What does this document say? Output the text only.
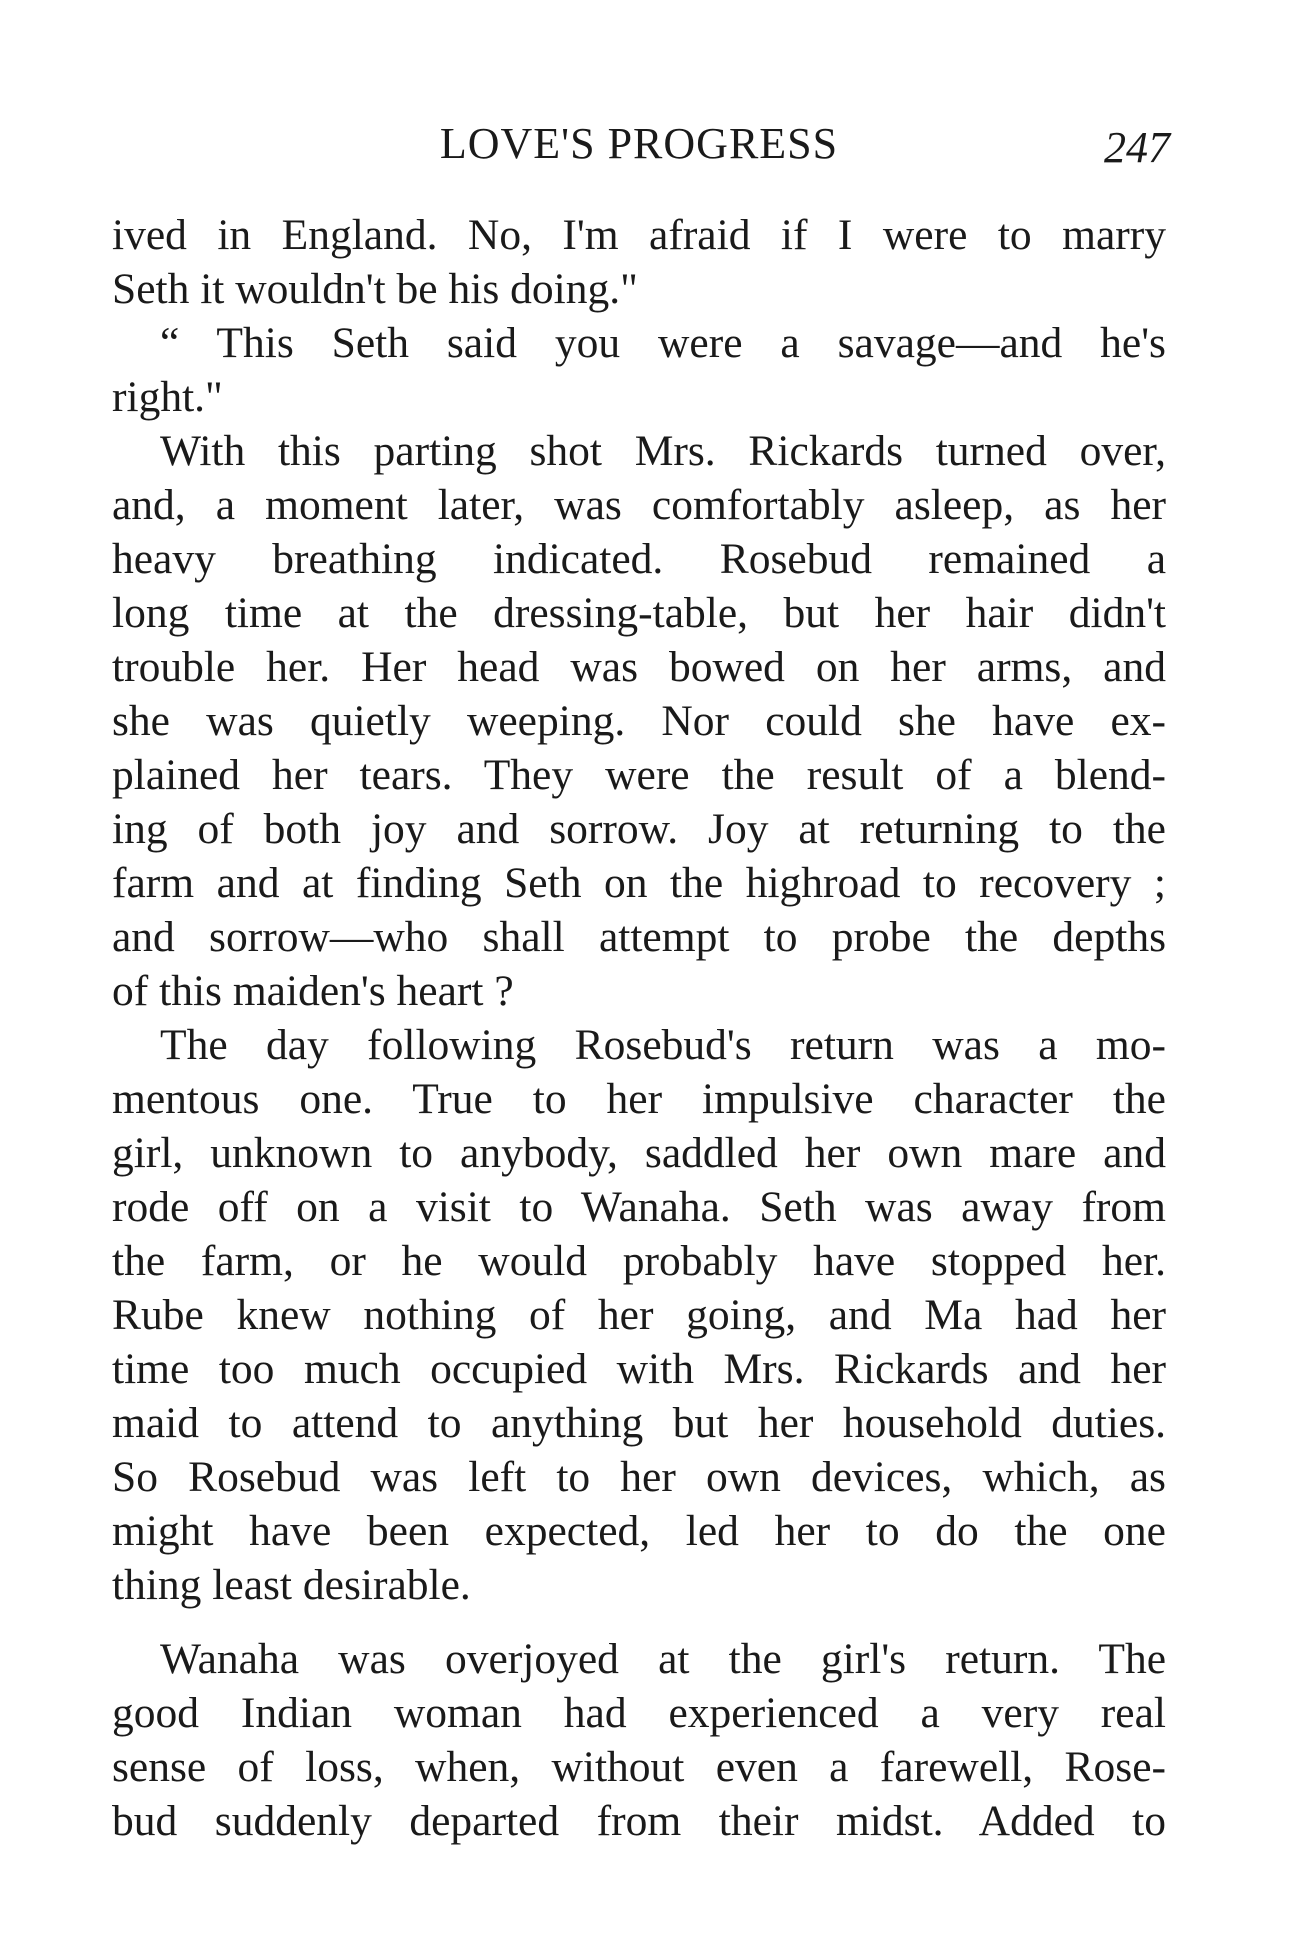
LOVE'S PROGRESS	247
ived in England. No, I'm afraid if I were to marry
Seth it wouldn't be his doing."
“ This Seth said you were a savage—and he's
right."
With this parting shot Mrs. Rickards turned over,
and, a moment later, was comfortably asleep, as her
heavy breathing indicated. Rosebud remained a
long time at the dressing-table, but her hair didn't
trouble her. Her head was bowed on her arms, and
she was quietly weeping. Nor could she have ex-
plained her tears. They were the result of a blend-
ing of both joy and sorrow. Joy at returning to the
farm and at finding Seth on the highroad to recovery ;
and sorrow—who shall attempt to probe the depths
of this maiden's heart ?
The day following Rosebud's return was a mo-
mentous one. True to her impulsive character the
girl, unknown to anybody, saddled her own mare and
rode off on a visit to Wanaha. Seth was away from
the farm, or he would probably have stopped her.
Rube knew nothing of her going, and Ma had her
time too much occupied with Mrs. Rickards and her
maid to attend to anything but her household duties.
So Rosebud was left to her own devices, which, as
might have been expected, led her to do the one
thing least desirable.
Wanaha was overjoyed at the girl's return. The
good Indian woman had experienced a very real
sense of loss, when, without even a farewell, Rose-
bud suddenly departed from their midst. Added to
